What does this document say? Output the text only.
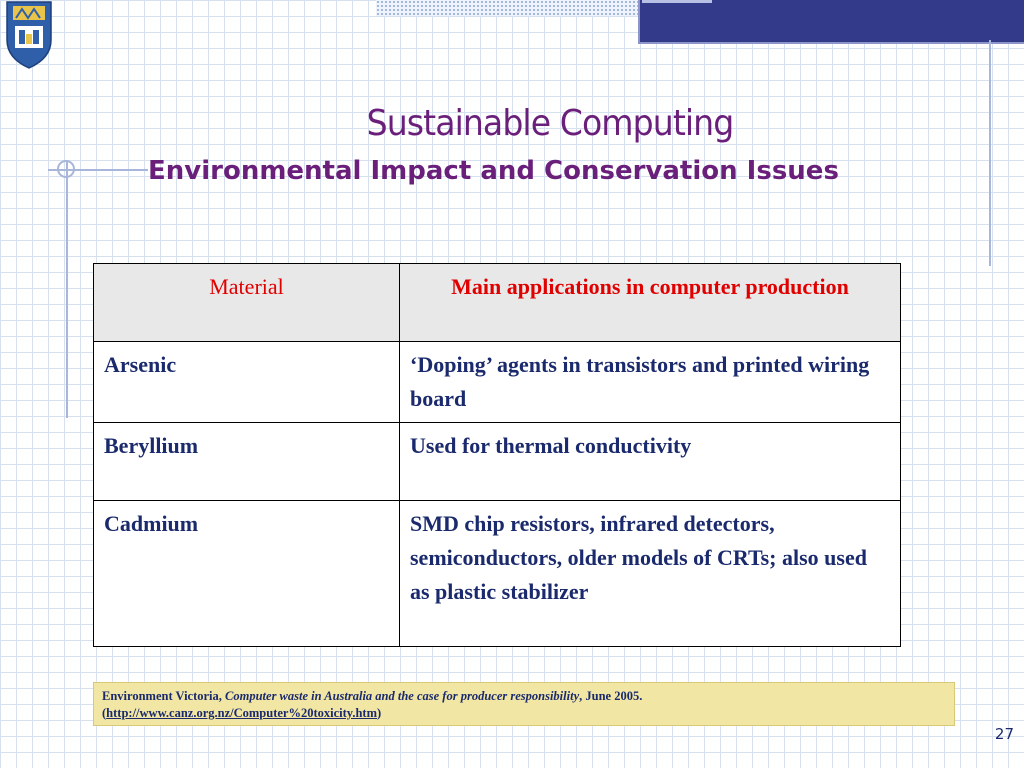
Sustainable Computing
Environmental Impact and Conservation Issues
Material	Main applications in computer production
Arsenic	‘Doping’ agents in transistors and printed wiring board
Beryllium	Used for thermal conductivity
Cadmium	SMD chip resistors, infrared detectors, semiconductors, older models of CRTs; also used as plastic stabilizer
Environment Victoria, Computer waste in Australia and the case for producer responsibility, June 2005.
(http://www.canz.org.nz/Computer%20toxicity.htm)
27
